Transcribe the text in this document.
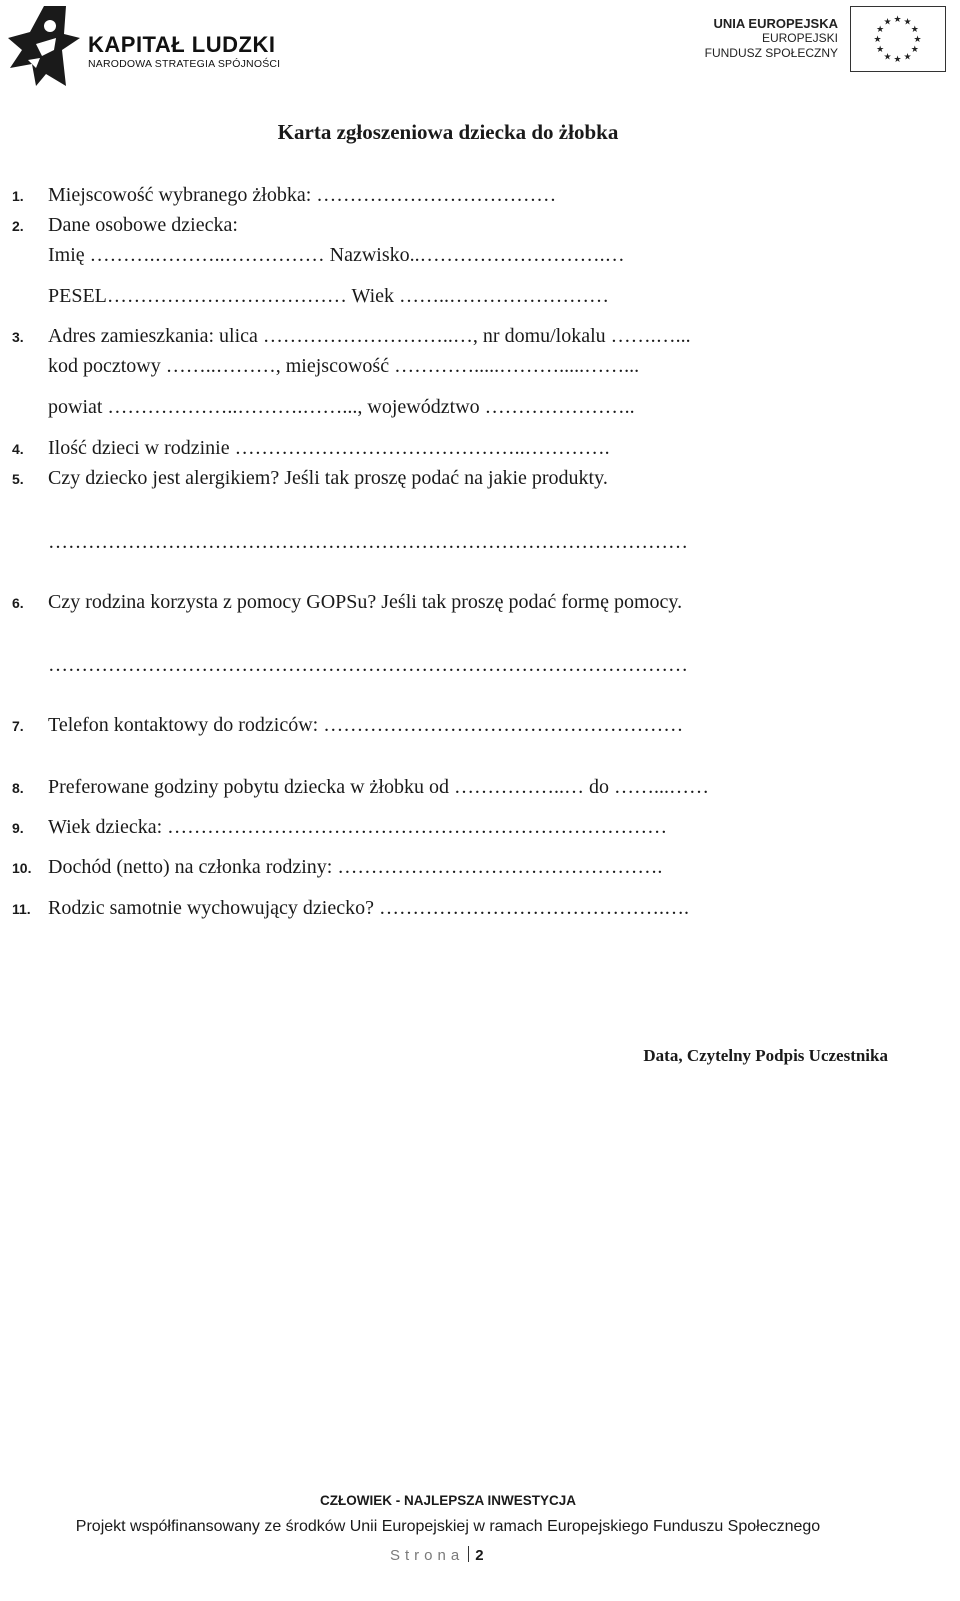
KAPITAŁ LUDZKI
NARODOWA STRATEGIA SPÓJNOŚCI
UNIA EUROPEJSKA
EUROPEJSKI
FUNDUSZ SPOŁECZNY
★ ★
★
★
★
★
★
★
★
★
★
★
Karta zgłoszeniowa dziecka do żłobka
1.	Miejscowość wybranego żłobka: ………………………………
2.	Dane osobowe dziecka:
Imię ……….………..…………… Nazwisko..……………………….…
PESEL……………………………… Wiek ……..……………………
3.	Adres zamieszkania: ulica ………………………..…, nr domu/lokalu …….…...
kod pocztowy ……..………, miejscowość ………….....……….....……...
powiat ………………..……….……..., województwo …………………..
4.	Ilość dzieci w rodzinie ……………………………………..………….
5.	Czy dziecko jest alergikiem? Jeśli tak proszę podać na jakie produkty.
……………………………………………………………………………………
6.	Czy rodzina korzysta z pomocy GOPSu? Jeśli tak proszę podać formę pomocy.
……………………………………………………………………………………
7.	Telefon kontaktowy do rodziców: ………………………………………………
8.	Preferowane godziny pobytu dziecka w żłobku od ……………..… do ……...……
9.	Wiek dziecka: …………………………………………………………………
10. Dochód (netto) na członka rodziny: ………………………………………….
11. Rodzic samotnie wychowujący dziecko? …………………………………….….
Data, Czytelny Podpis Uczestnika
CZŁOWIEK - NAJLEPSZA INWESTYCJA
Projekt współfinansowany ze środków Unii Europejskiej w ramach Europejskiego Funduszu Społecznego
Strona 2
